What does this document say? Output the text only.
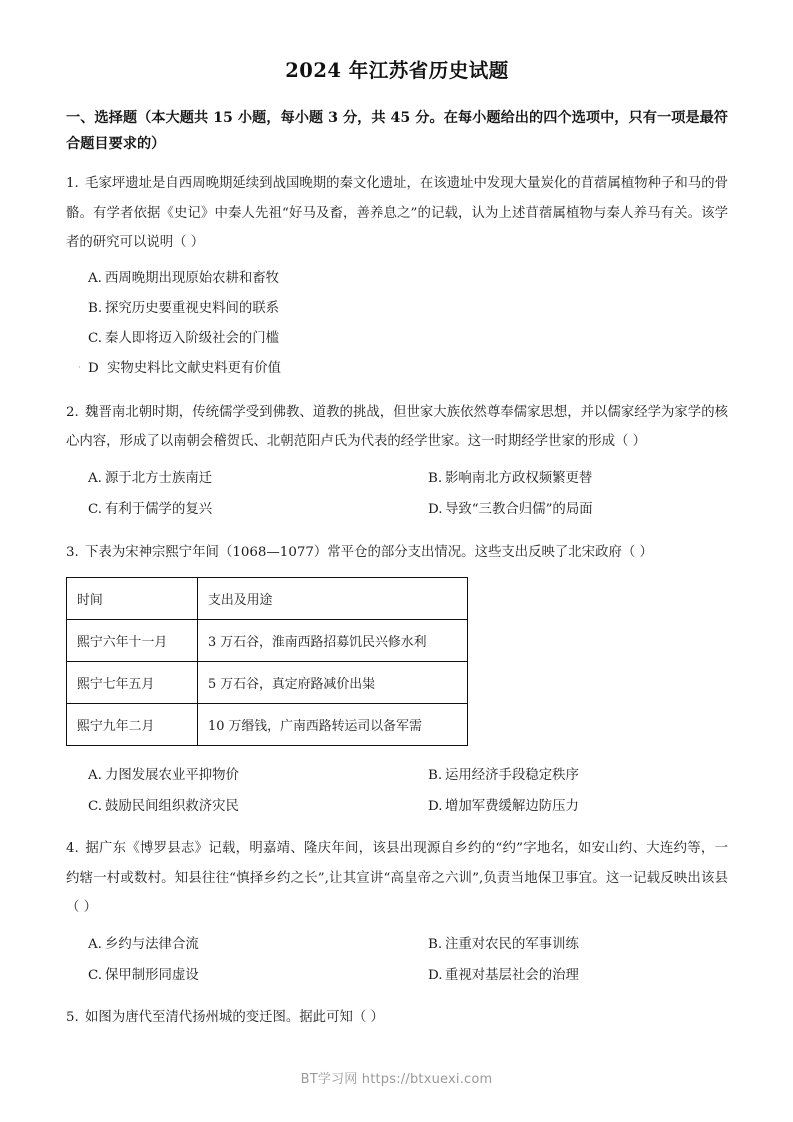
2024 年江苏省历史试题
一、选择题（本大题共 15 小题，每小题 3 分，共 45 分。在每小题给出的四个选项中，只有一项是最符合题目要求的）

1. 毛家坪遗址是自西周晚期延续到战国晚期的秦文化遗址，在该遗址中发现大量炭化的苜蓿属植物种子和马的骨骼。有学者依据《史记》中秦人先祖“好马及畜，善养息之”的记载，认为上述苜蓿属植物与秦人养马有关。该学者的研究可以说明（ ）

A. 西周晚期出现原始农耕和畜牧
B. 探究历史要重视史料间的联系
C. 秦人即将迈入阶级社会的门槛
D 实物史料比文献史料更有价值

2. 魏晋南北朝时期，传统儒学受到佛教、道教的挑战，但世家大族依然尊奉儒家思想，并以儒家经学为家学的核心内容，形成了以南朝会稽贺氏、北朝范阳卢氏为代表的经学世家。这一时期经学世家的形成（ ）

A. 源于北方士族南迁	B. 影响南北方政权频繁更替
C. 有利于儒学的复兴	D. 导致“三教合归儒”的局面

3. 下表为宋神宗熙宁年间（1068—1077）常平仓的部分支出情况。这些支出反映了北宋政府（ ）

时间	支出及用途
熙宁六年十一月	3 万石谷，淮南西路招募饥民兴修水利
熙宁七年五月	5 万石谷，真定府路减价出粜
熙宁九年二月	10 万缗钱，广南西路转运司以备军需
A. 力图发展农业平抑物价	B. 运用经济手段稳定秩序
C. 鼓励民间组织救济灾民	D. 增加军费缓解边防压力

4. 据广东《博罗县志》记载，明嘉靖、隆庆年间，该县出现源自乡约的“约”字地名，如安山约、大连约等，一约辖一村或数村。知县往往“慎择乡约之长”,让其宣讲“高皇帝之六训”,负责当地保卫事宜。这一记载反映出该县（ ）

A. 乡约与法律合流	B. 注重对农民的军事训练
C. 保甲制形同虚设	D. 重视对基层社会的治理

5. 如图为唐代至清代扬州城的变迁图。据此可知（ ）

·
BT学习网 https://btxuexi.com
